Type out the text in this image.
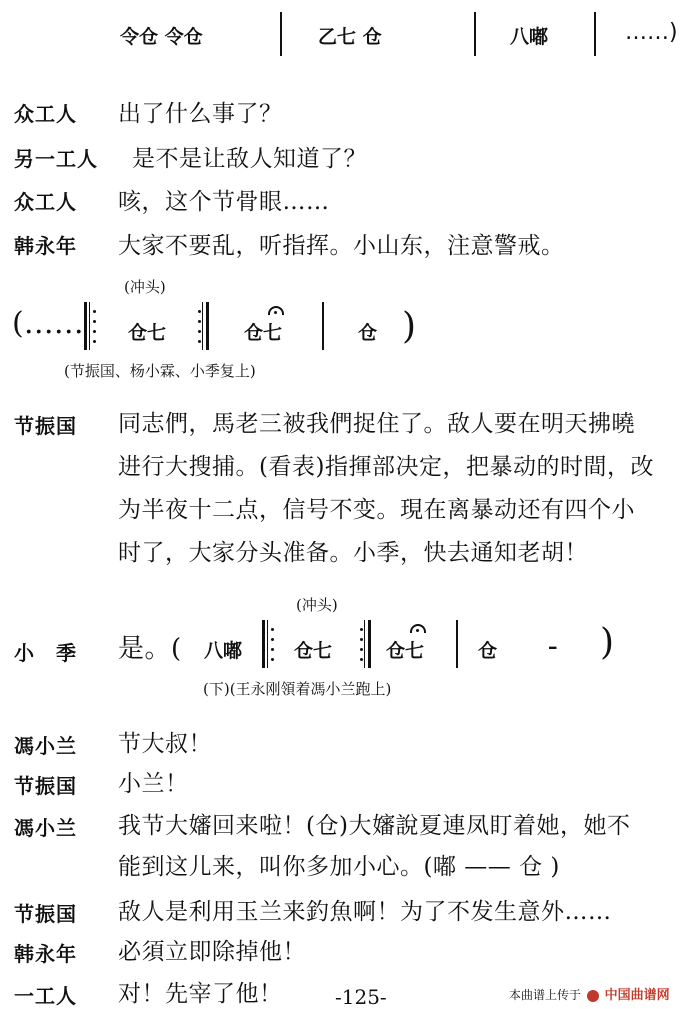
令仓 令仓	乙七 仓	八嘟	……)
众工人 出了什么事了？
另一工人 是不是让敌人知道了？
众工人 咳，这个节骨眼……
韩永年 大家不要乱，听指挥。小山东，注意警戒。
(冲头)
(…… 仓七	仓七	仓 )
(节振国、杨小霖、小季复上)
节振国 同志們，馬老三被我們捉住了。敌人要在明天拂曉
进行大搜捕。(看表)指揮部决定，把暴动的时間，改
为半夜十二点，信号不变。現在离暴动还有四个小
时了，大家分头准备。小季，快去通知老胡！
(冲头)
小　季 是。( 八嘟	仓七	仓七	仓	– )
(下)(王永刚領着馮小兰跑上)
馮小兰 节大叔！
节振国 小兰！
馮小兰 我节大嬸回来啦！(仓)大嬸說夏連凤盯着她，她不
能到这儿来，叫你多加小心。(嘟 —— 仓 )
节振国 敌人是利用玉兰来釣魚啊！为了不发生意外……
韩永年 必須立即除掉他！
一工人 对！先宰了他！	-125-	本曲谱上传于 中国曲谱网
